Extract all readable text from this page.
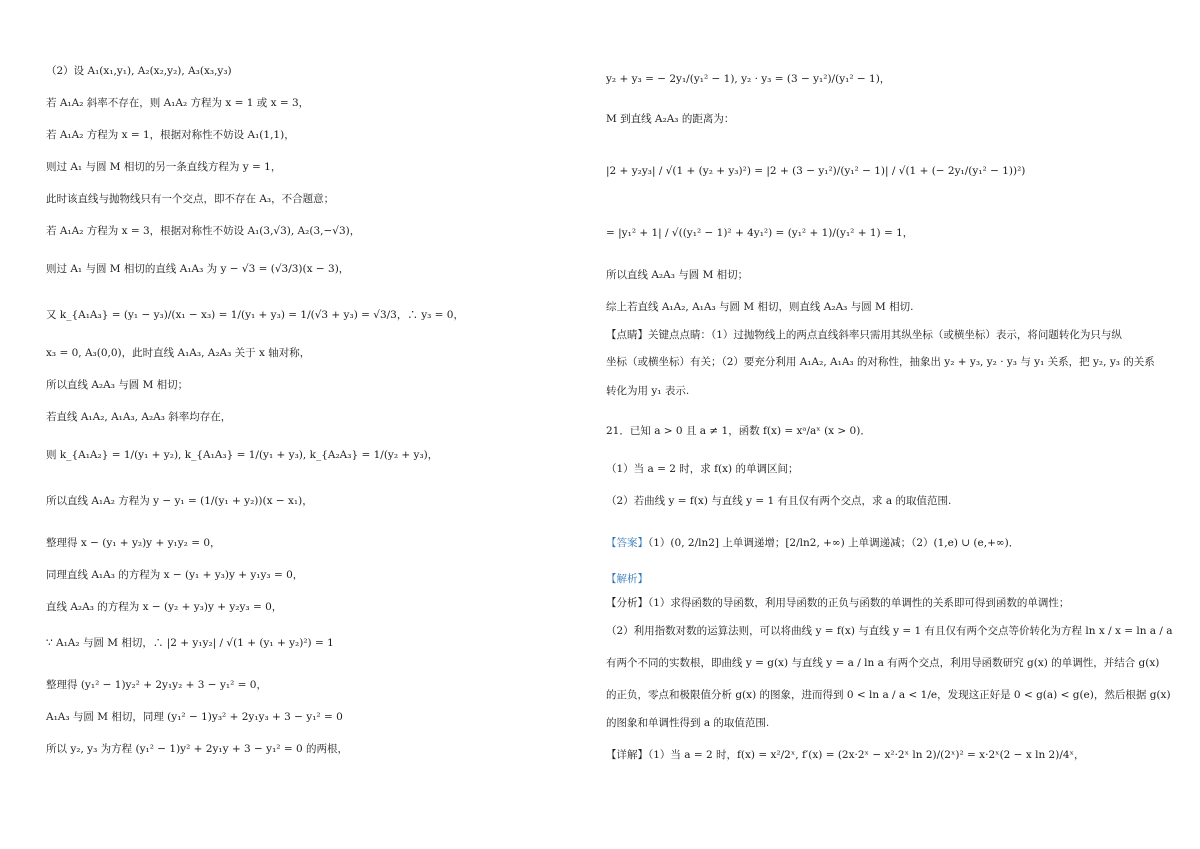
（2）设 A₁(x₁,y₁), A₂(x₂,y₂), A₃(x₃,y₃)
若 A₁A₂ 斜率不存在，则 A₁A₂ 方程为 x = 1 或 x = 3，
若 A₁A₂ 方程为 x = 1，根据对称性不妨设 A₁(1,1)，
则过 A₁ 与圆 M 相切的另一条直线方程为 y = 1，
此时该直线与抛物线只有一个交点，即不存在 A₃，不合题意；
若 A₁A₂ 方程为 x = 3，根据对称性不妨设 A₁(3,√3), A₂(3,−√3)，
则过 A₁ 与圆 M 相切的直线 A₁A₃ 为 y − √3 = (√3/3)(x − 3)，
又 k_{A₁A₃} = (y₁ − y₃)/(x₁ − x₃) = 1/(y₁ + y₃) = 1/(√3 + y₃) = √3/3，∴ y₃ = 0，
x₃ = 0, A₃(0,0)，此时直线 A₁A₃, A₂A₃ 关于 x 轴对称，
所以直线 A₂A₃ 与圆 M 相切；
若直线 A₁A₂, A₁A₃, A₂A₃ 斜率均存在，
则 k_{A₁A₂} = 1/(y₁ + y₂), k_{A₁A₃} = 1/(y₁ + y₃), k_{A₂A₃} = 1/(y₂ + y₃)，
所以直线 A₁A₂ 方程为 y − y₁ = (1/(y₁ + y₂))(x − x₁)，
整理得 x − (y₁ + y₂)y + y₁y₂ = 0，
同理直线 A₁A₃ 的方程为 x − (y₁ + y₃)y + y₁y₃ = 0，
直线 A₂A₃ 的方程为 x − (y₂ + y₃)y + y₂y₃ = 0，
∵ A₁A₂ 与圆 M 相切，∴ |2 + y₁y₂| / √(1 + (y₁ + y₂)²) = 1
整理得 (y₁² − 1)y₂² + 2y₁y₂ + 3 − y₁² = 0，
A₁A₃ 与圆 M 相切，同理 (y₁² − 1)y₃² + 2y₁y₃ + 3 − y₁² = 0
所以 y₂, y₃ 为方程 (y₁² − 1)y² + 2y₁y + 3 − y₁² = 0 的两根，
y₂ + y₃ = − 2y₁/(y₁² − 1), y₂ · y₃ = (3 − y₁²)/(y₁² − 1)，
M 到直线 A₂A₃ 的距离为：
|2 + y₂y₃| / √(1 + (y₂ + y₃)²) = |2 + (3 − y₁²)/(y₁² − 1)| / √(1 + (− 2y₁/(y₁² − 1))²)
= |y₁² + 1| / √((y₁² − 1)² + 4y₁²) = (y₁² + 1)/(y₁² + 1) = 1，
所以直线 A₂A₃ 与圆 M 相切；
综上若直线 A₁A₂, A₁A₃ 与圆 M 相切，则直线 A₂A₃ 与圆 M 相切.
【点睛】关键点点睛：（1）过抛物线上的两点直线斜率只需用其纵坐标（或横坐标）表示，将问题转化为只与纵
坐标（或横坐标）有关；（2）要充分利用 A₁A₂, A₁A₃ 的对称性，抽象出 y₂ + y₃, y₂ · y₃ 与 y₁ 关系，把 y₂, y₃ 的关系
转化为用 y₁ 表示.
21．已知 a > 0 且 a ≠ 1，函数 f(x) = xᵃ/aˣ (x > 0)．
（1）当 a = 2 时，求 f(x) 的单调区间；
（2）若曲线 y = f(x) 与直线 y = 1 有且仅有两个交点，求 a 的取值范围.
【答案】（1）(0, 2/ln2] 上单调递增；[2/ln2, +∞) 上单调递减；（2）(1,e) ∪ (e,+∞)．
【解析】
【分析】（1）求得函数的导函数，利用导函数的正负与函数的单调性的关系即可得到函数的单调性；
（2）利用指数对数的运算法则，可以将曲线 y = f(x) 与直线 y = 1 有且仅有两个交点等价转化为方程 ln x / x = ln a / a
有两个不同的实数根，即曲线 y = g(x) 与直线 y = a / ln a 有两个交点，利用导函数研究 g(x) 的单调性，并结合 g(x)
的正负，零点和极限值分析 g(x) 的图象，进而得到 0 < ln a / a < 1/e，发现这正好是 0 < g(a) < g(e)，然后根据 g(x)
的图象和单调性得到 a 的取值范围.
【详解】（1）当 a = 2 时，f(x) = x²/2ˣ, f′(x) = (2x·2ˣ − x²·2ˣ ln 2)/(2ˣ)² = x·2ˣ(2 − x ln 2)/4ˣ，
